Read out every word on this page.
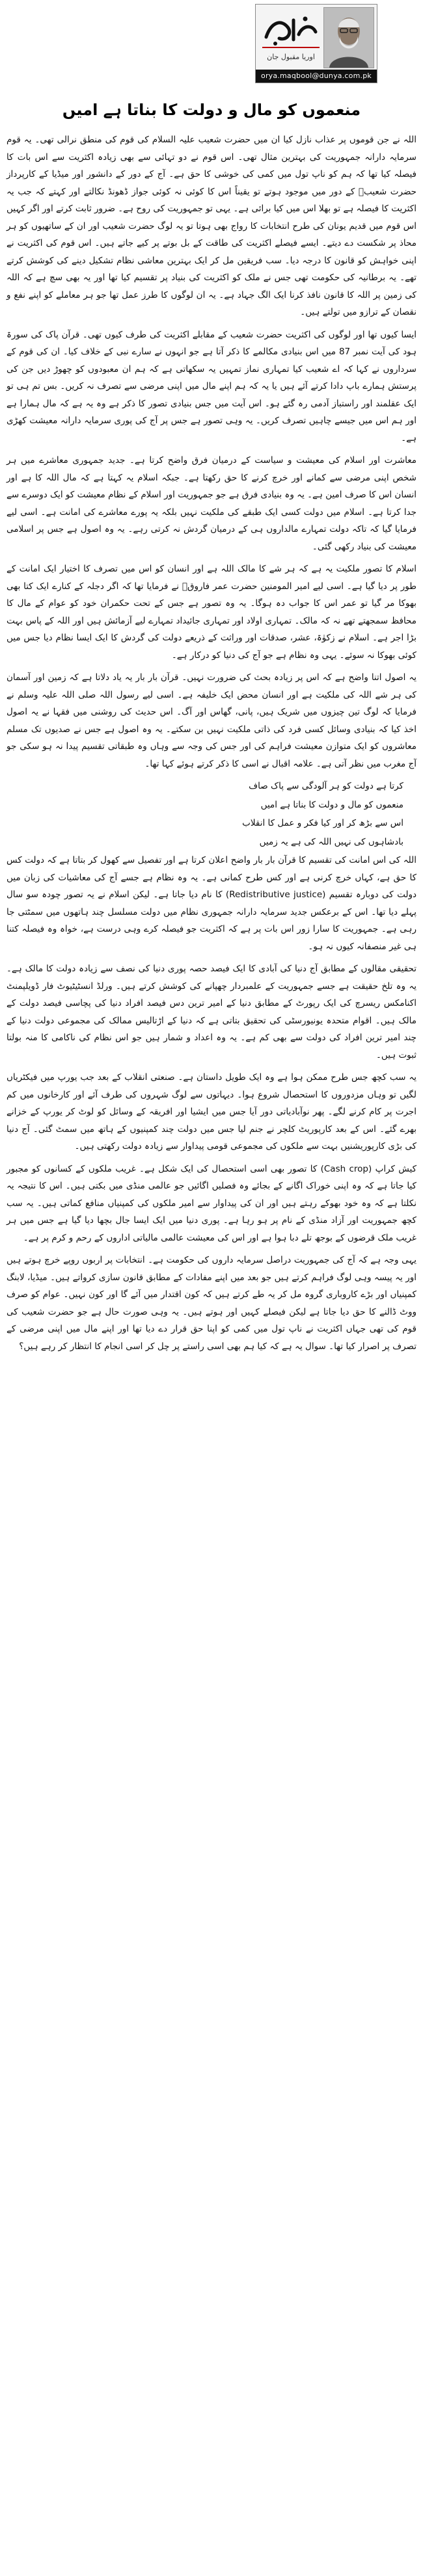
اوریا مقبول جان
orya.maqbool@dunya.com.pk
منعموں کو مال و دولت کا بناتا ہے امیں

اللہ نے جن قوموں پر عذاب نازل کیا ان میں حضرت شعیب علیہ السلام کی قوم کی منطق نرالی تھی۔ یہ قوم سرمایہ دارانہ جمہوریت کی بہترین مثال تھی۔ اس قوم نے دو تہائی سے بھی زیادہ اکثریت سے اس بات کا فیصلہ کیا تھا کہ ہم کو ناپ تول میں کمی کی خوشی کا حق ہے۔ آج کے دور کے دانشور اور میڈیا کے کارپرداز حضرت شعیبؑ کے دور میں موجود ہوتے تو یقیناً اس کا کوئی نہ کوئی جواز ڈھونڈ نکالتے اور کہتے کہ جب یہ اکثریت کا فیصلہ ہے تو بھلا اس میں کیا برائی ہے۔ یہی تو جمہوریت کی روح ہے۔ ضرور ثابت کرتے اور اگر کہیں اس قوم میں قدیم یونان کی طرح انتخابات کا رواج بھی ہوتا تو یہ لوگ حضرت شعیب اور ان کے ساتھیوں کو ہر محاذ پر شکست دے دیتے۔ ایسے فیصلے اکثریت کی طاقت کے بل بوتے پر کیے جاتے ہیں۔ اس قوم کی اکثریت نے اپنی خواہش کو قانون کا درجہ دیا۔ سب فریقین مل کر ایک بہترین معاشی نظام تشکیل دینے کی کوشش کرتے تھے۔ یہ برطانیہ کی حکومت تھی جس نے ملک کو اکثریت کی بنیاد پر تقسیم کیا تھا اور یہ بھی سچ ہے کہ اللہ کی زمین پر اللہ کا قانون نافذ کرنا ایک الگ جہاد ہے۔ یہ ان لوگوں کا طرز عمل تھا جو ہر معاملے کو اپنے نفع و نقصان کے ترازو میں تولتے ہیں۔

ایسا کیوں تھا اور لوگوں کی اکثریت حضرت شعیب کے مقابلے اکثریت کی طرف کیوں تھی۔ قرآن پاک کی سورۃ ہود کی آیت نمبر 87 میں اس بنیادی مکالمے کا ذکر آتا ہے جو انہوں نے سارے نبی کے خلاف کیا۔ ان کی قوم کے سرداروں نے کہا کہ اے شعیب کیا تمہاری نماز تمہیں یہ سکھاتی ہے کہ ہم ان معبودوں کو چھوڑ دیں جن کی پرستش ہمارے باپ دادا کرتے آئے ہیں یا یہ کہ ہم اپنے مال میں اپنی مرضی سے تصرف نہ کریں۔ بس تم ہی تو ایک عقلمند اور راستباز آدمی رہ گئے ہو۔ اس آیت میں جس بنیادی تصور کا ذکر ہے وہ یہ ہے کہ مال ہمارا ہے اور ہم اس میں جیسے چاہیں تصرف کریں۔ یہ وہی تصور ہے جس پر آج کی پوری سرمایہ دارانہ معیشت کھڑی ہے۔

معاشرت اور اسلام کی معیشت و سیاست کے درمیان فرق واضح کرتا ہے۔ جدید جمہوری معاشرے میں ہر شخص اپنی مرضی سے کمانے اور خرچ کرنے کا حق رکھتا ہے۔ جبکہ اسلام یہ کہتا ہے کہ مال اللہ کا ہے اور انسان اس کا صرف امین ہے۔ یہ وہ بنیادی فرق ہے جو جمہوریت اور اسلام کے نظام معیشت کو ایک دوسرے سے جدا کرتا ہے۔ اسلام میں دولت کسی ایک طبقے کی ملکیت نہیں بلکہ یہ پورے معاشرے کی امانت ہے۔ اسی لیے فرمایا گیا کہ تاکہ دولت تمہارے مالداروں ہی کے درمیان گردش نہ کرتی رہے۔ یہ وہ اصول ہے جس پر اسلامی معیشت کی بنیاد رکھی گئی۔

اسلام کا تصور ملکیت یہ ہے کہ ہر شے کا مالک اللہ ہے اور انسان کو اس میں تصرف کا اختیار ایک امانت کے طور پر دیا گیا ہے۔ اسی لیے امیر المومنین حضرت عمر فاروقؓ نے فرمایا تھا کہ اگر دجلہ کے کنارے ایک کتا بھی بھوکا مر گیا تو عمر اس کا جواب دہ ہوگا۔ یہ وہ تصور ہے جس کے تحت حکمران خود کو عوام کے مال کا محافظ سمجھتے تھے نہ کہ مالک۔ تمہاری اولاد اور تمہاری جائیداد تمہارے لیے آزمائش ہیں اور اللہ کے پاس بہت بڑا اجر ہے۔ اسلام نے زکوٰۃ، عشر، صدقات اور وراثت کے ذریعے دولت کی گردش کا ایک ایسا نظام دیا جس میں کوئی بھوکا نہ سوئے۔ یہی وہ نظام ہے جو آج کی دنیا کو درکار ہے۔

یہ اصول اتنا واضح ہے کہ اس پر زیادہ بحث کی ضرورت نہیں۔ قرآن بار بار یہ یاد دلاتا ہے کہ زمین اور آسمان کی ہر شے اللہ کی ملکیت ہے اور انسان محض ایک خلیفہ ہے۔ اسی لیے رسول اللہ صلی اللہ علیہ وسلم نے فرمایا کہ لوگ تین چیزوں میں شریک ہیں، پانی، گھاس اور آگ۔ اس حدیث کی روشنی میں فقہا نے یہ اصول اخذ کیا کہ بنیادی وسائل کسی فرد کی ذاتی ملکیت نہیں بن سکتے۔ یہ وہ اصول ہے جس نے صدیوں تک مسلم معاشروں کو ایک متوازن معیشت فراہم کی اور جس کی وجہ سے وہاں وہ طبقاتی تقسیم پیدا نہ ہو سکی جو آج مغرب میں نظر آتی ہے۔ علامہ اقبال نے اسی کا ذکر کرتے ہوئے کہا تھا۔

کرتا ہے دولت کو ہر آلودگی سے پاک صاف
منعموں کو مال و دولت کا بناتا ہے امیں
اس سے بڑھ کر اور کیا فکر و عمل کا انقلاب
بادشاہوں کی نہیں اللہ کی ہے یہ زمیں

اللہ کی اس امانت کی تقسیم کا قرآن بار بار واضح اعلان کرتا ہے اور تفصیل سے کھول کر بتاتا ہے کہ دولت کس کا حق ہے، کہاں خرچ کرنی ہے اور کس طرح کمانی ہے۔ یہ وہ نظام ہے جسے آج کی معاشیات کی زبان میں دولت کی دوبارہ تقسیم (Redistributive justice) کا نام دیا جاتا ہے۔ لیکن اسلام نے یہ تصور چودہ سو سال پہلے دیا تھا۔ اس کے برعکس جدید سرمایہ دارانہ جمہوری نظام میں دولت مسلسل چند ہاتھوں میں سمٹتی جا رہی ہے۔ جمہوریت کا سارا زور اس بات پر ہے کہ اکثریت جو فیصلہ کرے وہی درست ہے، خواہ وہ فیصلہ کتنا ہی غیر منصفانہ کیوں نہ ہو۔

تحقیقی مقالوں کے مطابق آج دنیا کی آبادی کا ایک فیصد حصہ پوری دنیا کی نصف سے زیادہ دولت کا مالک ہے۔ یہ وہ تلخ حقیقت ہے جسے جمہوریت کے علمبردار چھپانے کی کوشش کرتے ہیں۔ ورلڈ انسٹیٹیوٹ فار ڈویلپمنٹ اکنامکس ریسرچ کی ایک رپورٹ کے مطابق دنیا کے امیر ترین دس فیصد افراد دنیا کی پچاسی فیصد دولت کے مالک ہیں۔ اقوام متحدہ یونیورسٹی کی تحقیق بتاتی ہے کہ دنیا کے اڑتالیس ممالک کی مجموعی دولت دنیا کے چند امیر ترین افراد کی دولت سے بھی کم ہے۔ یہ وہ اعداد و شمار ہیں جو اس نظام کی ناکامی کا منہ بولتا ثبوت ہیں۔

یہ سب کچھ جس طرح ممکن ہوا ہے وہ ایک طویل داستان ہے۔ صنعتی انقلاب کے بعد جب یورپ میں فیکٹریاں لگیں تو وہاں مزدوروں کا استحصال شروع ہوا۔ دیہاتوں سے لوگ شہروں کی طرف آئے اور کارخانوں میں کم اجرت پر کام کرنے لگے۔ پھر نوآبادیاتی دور آیا جس میں ایشیا اور افریقہ کے وسائل کو لوٹ کر یورپ کے خزانے بھرے گئے۔ اس کے بعد کارپوریٹ کلچر نے جنم لیا جس میں دولت چند کمپنیوں کے ہاتھ میں سمٹ گئی۔ آج دنیا کی بڑی کارپوریشنیں بہت سے ملکوں کی مجموعی قومی پیداوار سے زیادہ دولت رکھتی ہیں۔

کیش کراپ (Cash crop) کا تصور بھی اسی استحصال کی ایک شکل ہے۔ غریب ملکوں کے کسانوں کو مجبور کیا جاتا ہے کہ وہ اپنی خوراک اگانے کے بجائے وہ فصلیں اگائیں جو عالمی منڈی میں بکتی ہیں۔ اس کا نتیجہ یہ نکلتا ہے کہ وہ خود بھوکے رہتے ہیں اور ان کی پیداوار سے امیر ملکوں کی کمپنیاں منافع کماتی ہیں۔ یہ سب کچھ جمہوریت اور آزاد منڈی کے نام پر ہو رہا ہے۔ پوری دنیا میں ایک ایسا جال بچھا دیا گیا ہے جس میں ہر غریب ملک قرضوں کے بوجھ تلے دبا ہوا ہے اور اس کی معیشت عالمی مالیاتی اداروں کے رحم و کرم پر ہے۔

یہی وجہ ہے کہ آج کی جمہوریت دراصل سرمایہ داروں کی حکومت ہے۔ انتخابات پر اربوں روپے خرچ ہوتے ہیں اور یہ پیسہ وہی لوگ فراہم کرتے ہیں جو بعد میں اپنے مفادات کے مطابق قانون سازی کرواتے ہیں۔ میڈیا، لابنگ کمپنیاں اور بڑے کاروباری گروہ مل کر یہ طے کرتے ہیں کہ کون اقتدار میں آئے گا اور کون نہیں۔ عوام کو صرف ووٹ ڈالنے کا حق دیا جاتا ہے لیکن فیصلے کہیں اور ہوتے ہیں۔ یہ وہی صورت حال ہے جو حضرت شعیب کی قوم کی تھی جہاں اکثریت نے ناپ تول میں کمی کو اپنا حق قرار دے دیا تھا اور اپنے مال میں اپنی مرضی کے تصرف پر اصرار کیا تھا۔ سوال یہ ہے کہ کیا ہم بھی اسی راستے پر چل کر اسی انجام کا انتظار کر رہے ہیں؟
